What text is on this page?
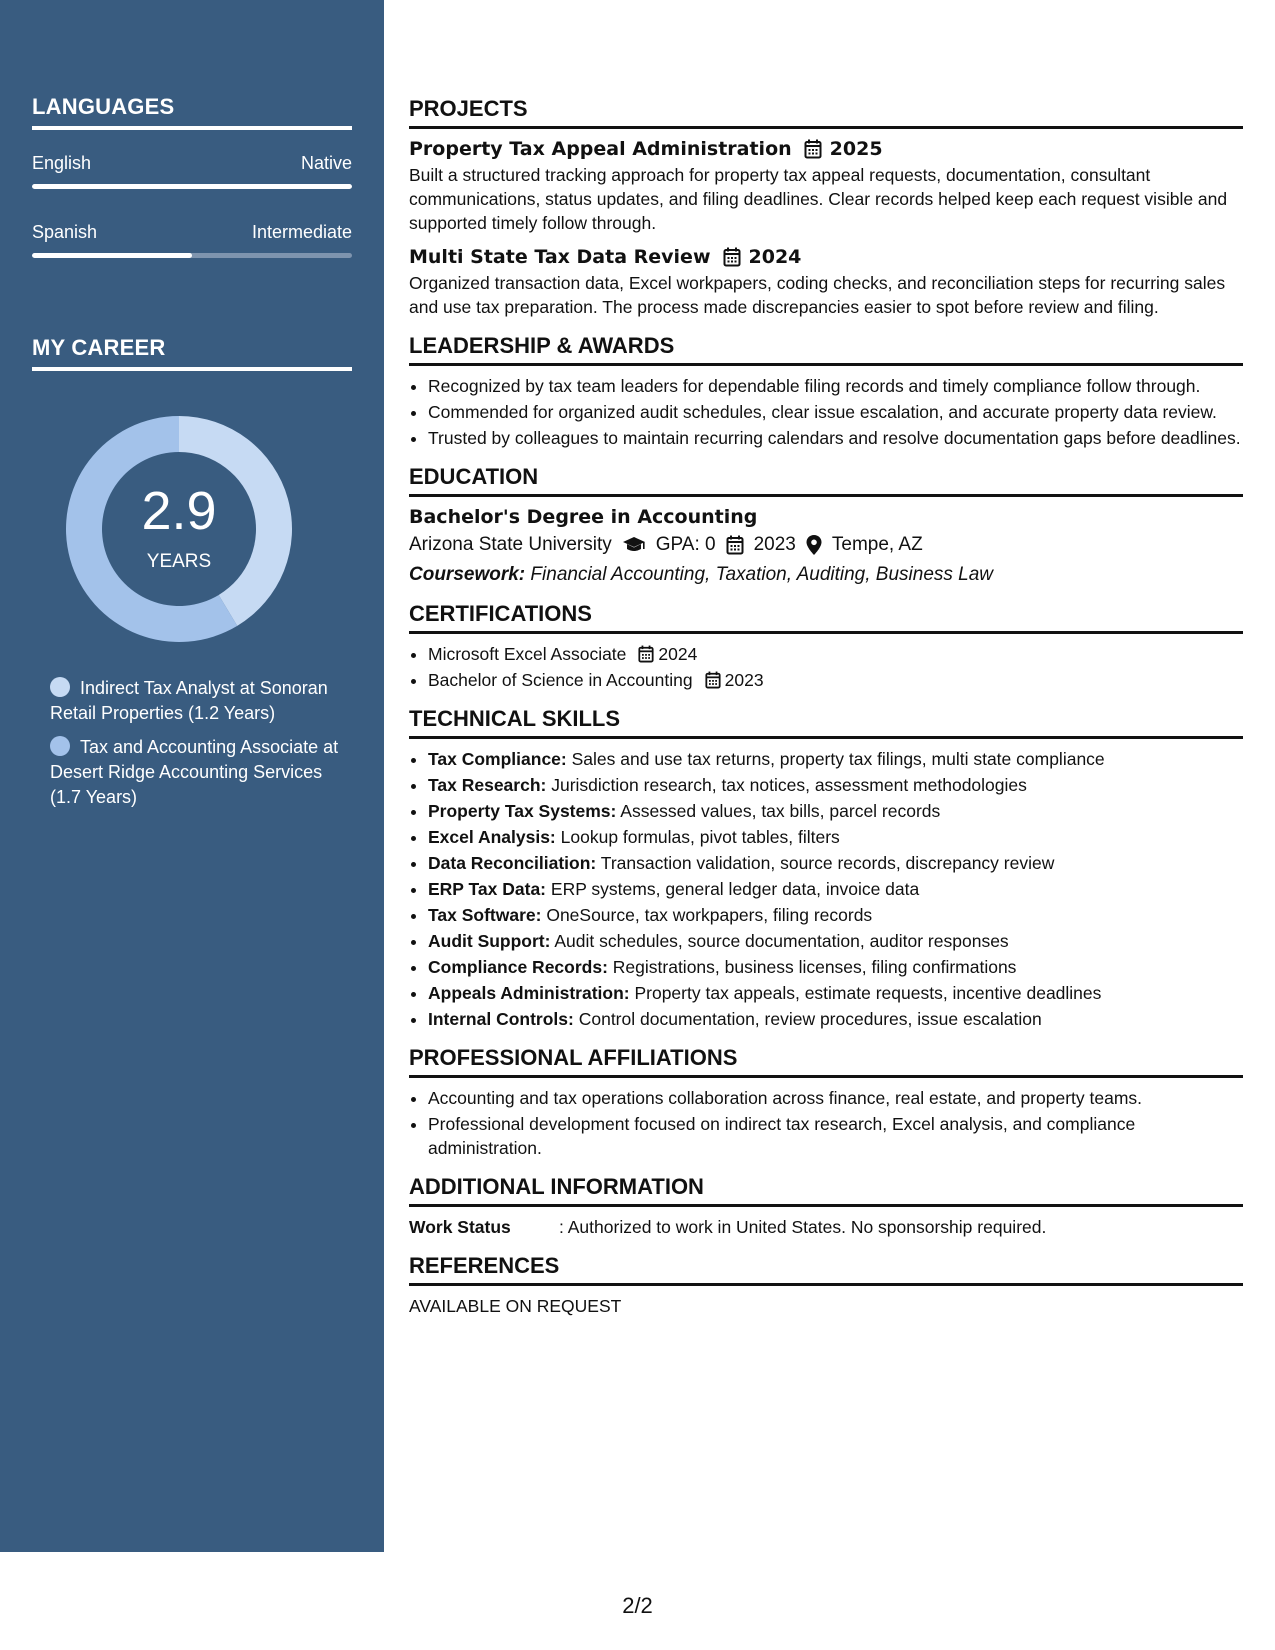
LANGUAGES
English	Native
Spanish	Intermediate
MY CAREER
2.9
YEARS
Indirect Tax Analyst at Sonoran Retail Properties (1.2 Years)
Tax and Accounting Associate at Desert Ridge Accounting Services (1.7 Years)
PROJECTS
Property Tax Appeal Administration 2025
Built a structured tracking approach for property tax appeal requests, documentation, consultant communications, status updates, and filing deadlines. Clear records helped keep each request visible and supported timely follow through.
Multi State Tax Data Review 2024
Organized transaction data, Excel workpapers, coding checks, and reconciliation steps for recurring sales and use tax preparation. The process made discrepancies easier to spot before review and filing.
LEADERSHIP & AWARDS
• Recognized by tax team leaders for dependable filing records and timely compliance follow through.
• Commended for organized audit schedules, clear issue escalation, and accurate property data review.
• Trusted by colleagues to maintain recurring calendars and resolve documentation gaps before deadlines.
EDUCATION
Bachelor's Degree in Accounting
Arizona State University GPA: 0 2023 Tempe, AZ
Coursework: Financial Accounting, Taxation, Auditing, Business Law
CERTIFICATIONS
• Microsoft Excel Associate 2024
• Bachelor of Science in Accounting 2023
TECHNICAL SKILLS
• Tax Compliance: Sales and use tax returns, property tax filings, multi state compliance
• Tax Research: Jurisdiction research, tax notices, assessment methodologies
• Property Tax Systems: Assessed values, tax bills, parcel records
• Excel Analysis: Lookup formulas, pivot tables, filters
• Data Reconciliation: Transaction validation, source records, discrepancy review
• ERP Tax Data: ERP systems, general ledger data, invoice data
• Tax Software: OneSource, tax workpapers, filing records
• Audit Support: Audit schedules, source documentation, auditor responses
• Compliance Records: Registrations, business licenses, filing confirmations
• Appeals Administration: Property tax appeals, estimate requests, incentive deadlines
• Internal Controls: Control documentation, review procedures, issue escalation
PROFESSIONAL AFFILIATIONS
• Accounting and tax operations collaboration across finance, real estate, and property teams.
• Professional development focused on indirect tax research, Excel analysis, and compliance administration.
ADDITIONAL INFORMATION
Work Status	: Authorized to work in United States. No sponsorship required.
REFERENCES
AVAILABLE ON REQUEST
2/2
